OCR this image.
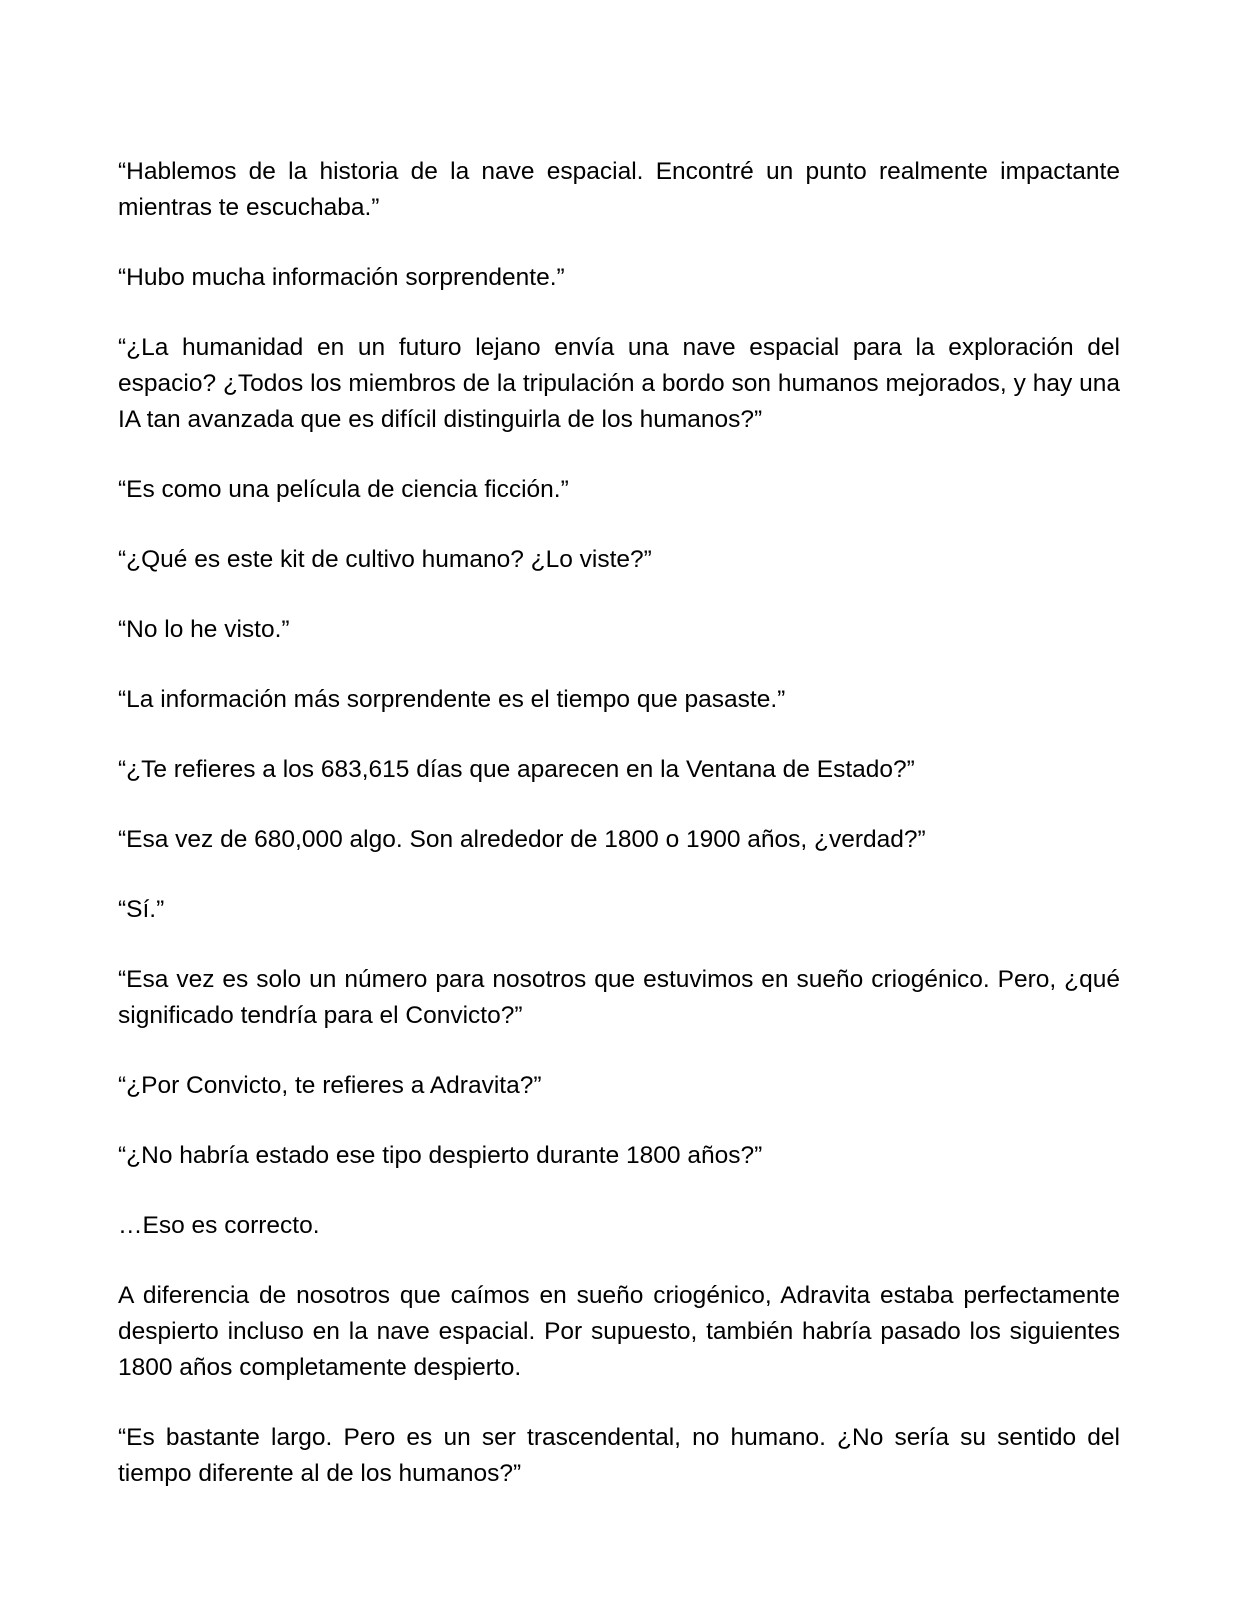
“Hablemos de la historia de la nave espacial. Encontré un punto realmente impactante mientras te escuchaba.”

“Hubo mucha información sorprendente.”

“¿La humanidad en un futuro lejano envía una nave espacial para la exploración del espacio? ¿Todos los miembros de la tripulación a bordo son humanos mejorados, y hay una IA tan avanzada que es difícil distinguirla de los humanos?”

“Es como una película de ciencia ficción.”

“¿Qué es este kit de cultivo humano? ¿Lo viste?”

“No lo he visto.”

“La información más sorprendente es el tiempo que pasaste.”

“¿Te refieres a los 683,615 días que aparecen en la Ventana de Estado?”

“Esa vez de 680,000 algo. Son alrededor de 1800 o 1900 años, ¿verdad?”

“Sí.”

“Esa vez es solo un número para nosotros que estuvimos en sueño criogénico. Pero, ¿qué significado tendría para el Convicto?”

“¿Por Convicto, te refieres a Adravita?”

“¿No habría estado ese tipo despierto durante 1800 años?”

…Eso es correcto.

A diferencia de nosotros que caímos en sueño criogénico, Adravita estaba perfectamente despierto incluso en la nave espacial. Por supuesto, también habría pasado los siguientes 1800 años completamente despierto.

“Es bastante largo. Pero es un ser trascendental, no humano. ¿No sería su sentido del tiempo diferente al de los humanos?”
